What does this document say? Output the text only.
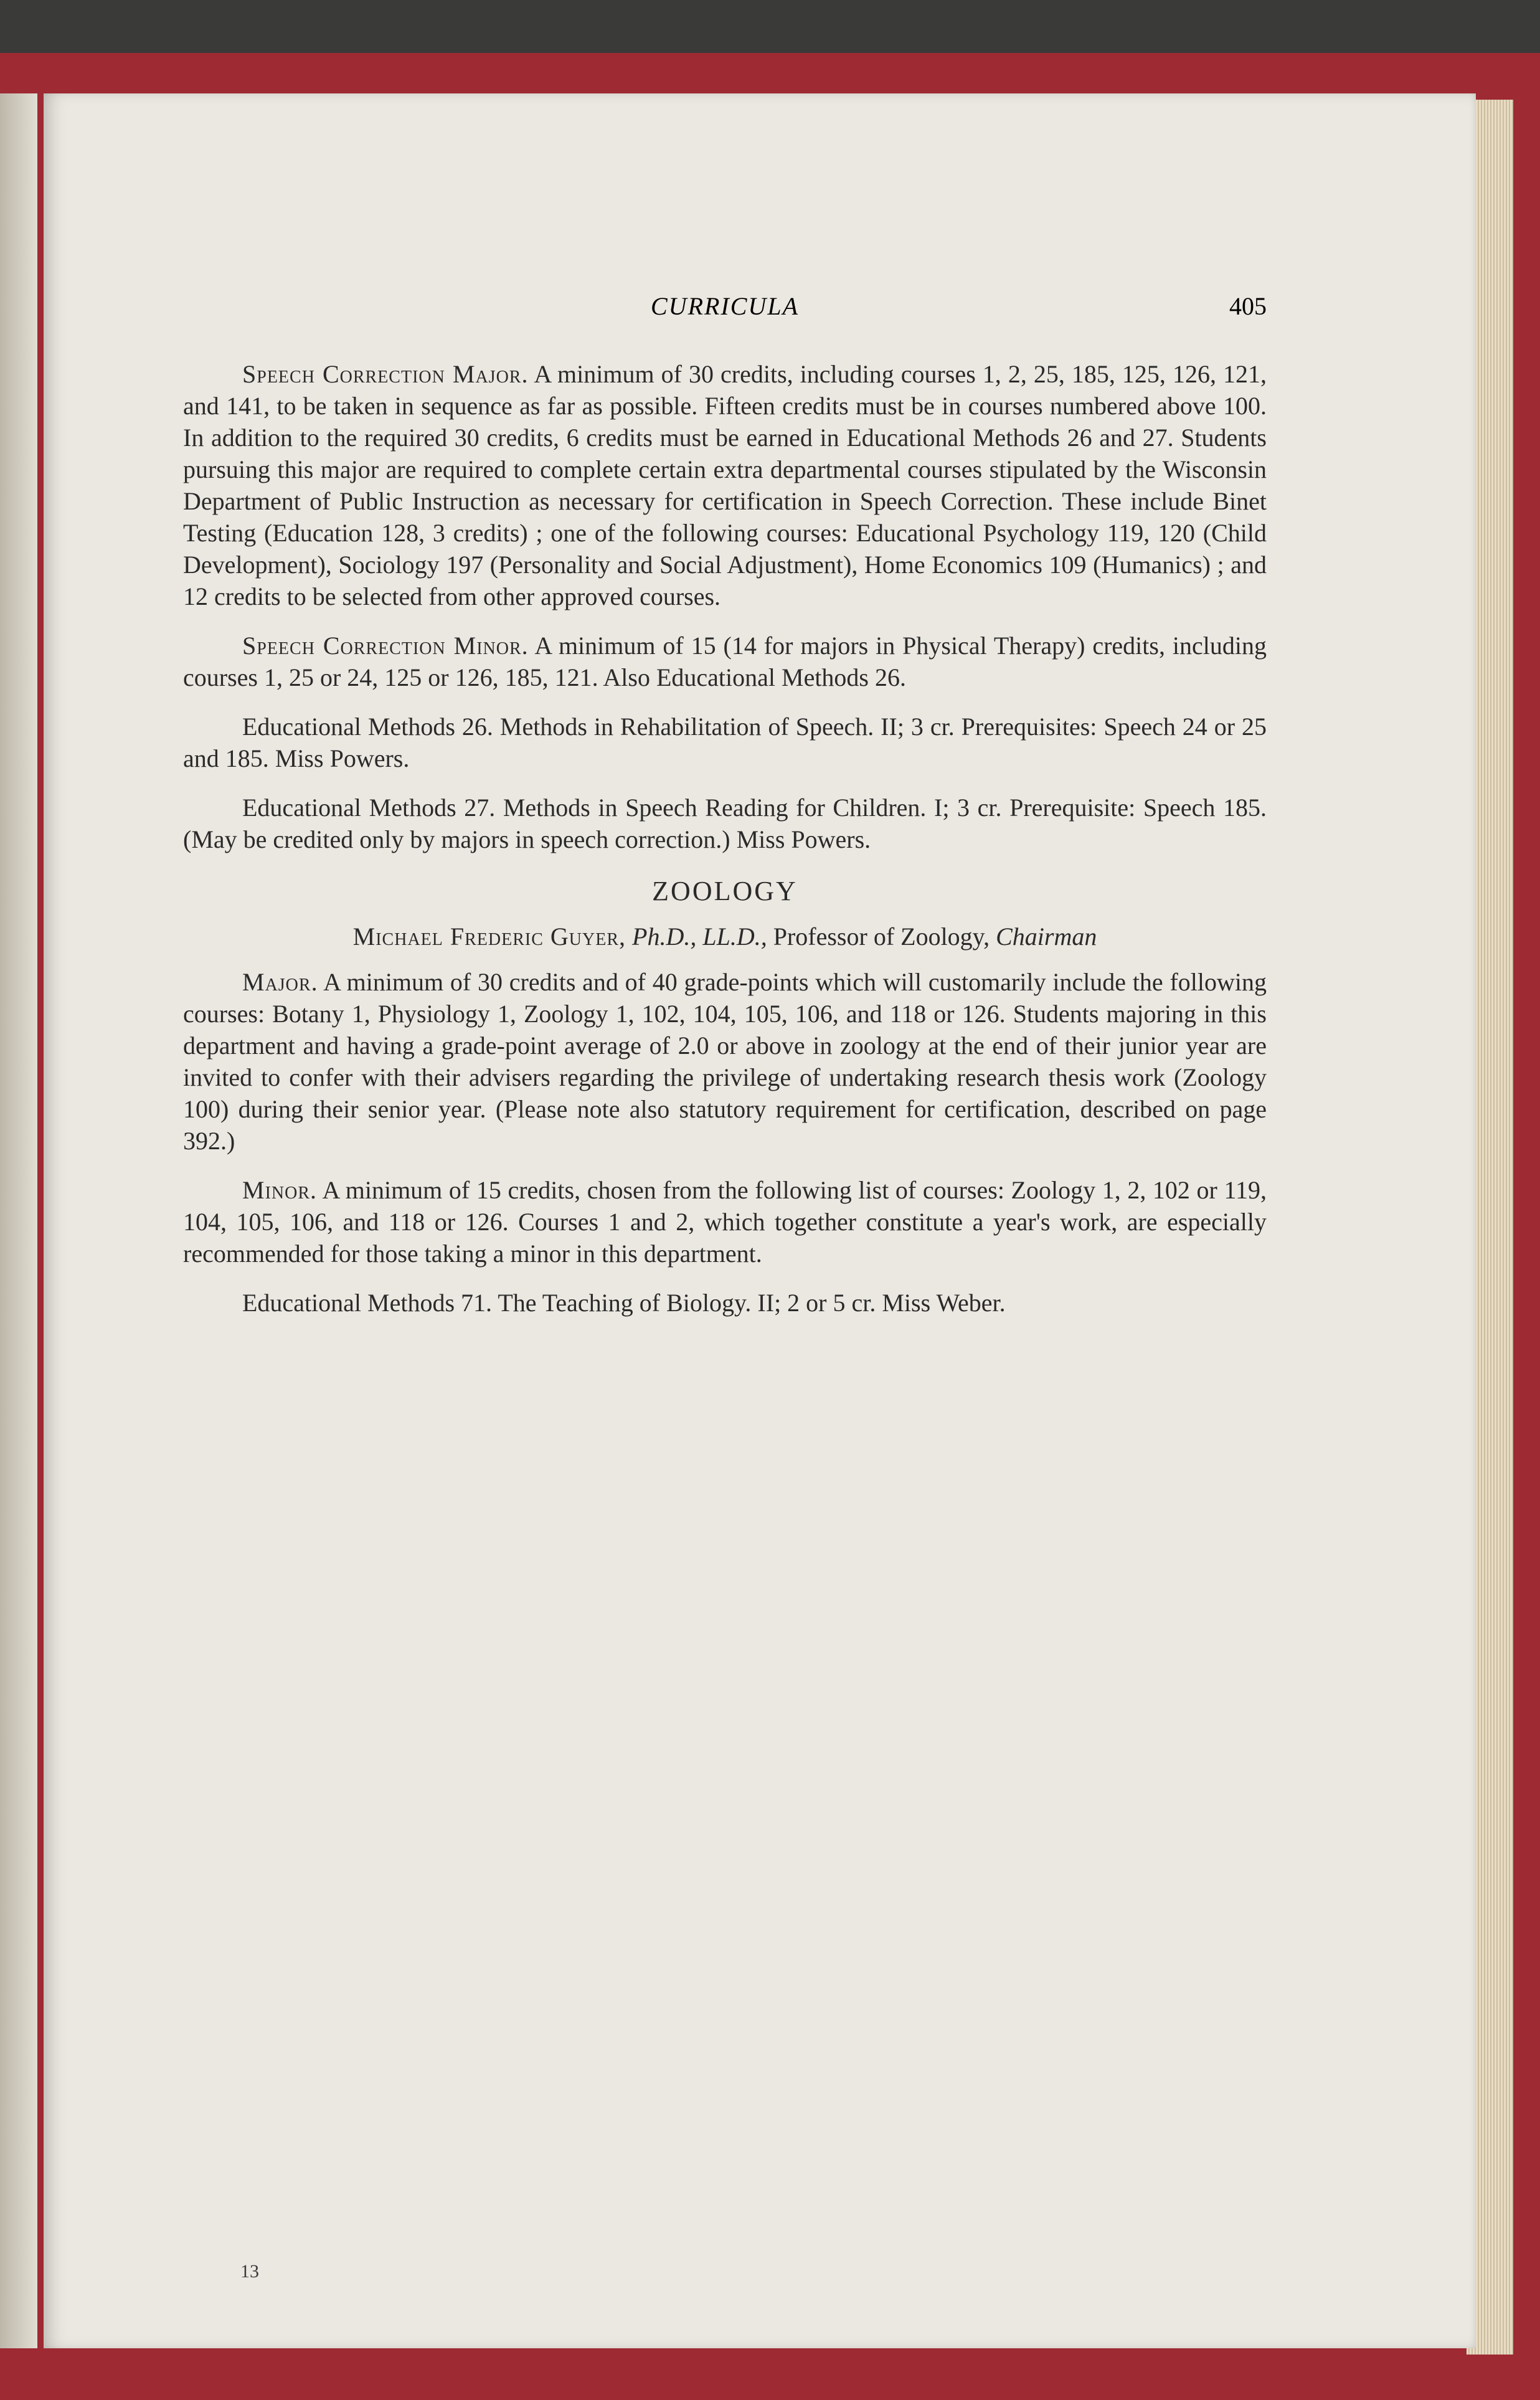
CURRICULA	405

Speech Correction Major. A minimum of 30 credits, including courses 1, 2, 25, 185, 125, 126, 121, and 141, to be taken in sequence as far as possible. Fifteen credits must be in courses numbered above 100. In addition to the required 30 credits, 6 credits must be earned in Educational Methods 26 and 27. Students pursuing this major are required to complete certain extra departmental courses stipulated by the Wisconsin Department of Public Instruction as necessary for certification in Speech Correction. These include Binet Testing (Education 128, 3 credits) ; one of the following courses: Educational Psychology 119, 120 (Child Development), Sociology 197 (Personality and Social Adjustment), Home Economics 109 (Humanics) ; and 12 credits to be selected from other approved courses.

Speech Correction Minor. A minimum of 15 (14 for majors in Physical Therapy) credits, including courses 1, 25 or 24, 125 or 126, 185, 121. Also Educational Methods 26.

Educational Methods 26. Methods in Rehabilitation of Speech. II; 3 cr. Prerequisites: Speech 24 or 25 and 185. Miss Powers.

Educational Methods 27. Methods in Speech Reading for Children. I; 3 cr. Prerequisite: Speech 185. (May be credited only by majors in speech correction.) Miss Powers.

ZOOLOGY

Michael Frederic Guyer, Ph.D., LL.D., Professor of Zoology, Chairman

Major. A minimum of 30 credits and of 40 grade-points which will customarily include the following courses: Botany 1, Physiology 1, Zoology 1, 102, 104, 105, 106, and 118 or 126. Students majoring in this department and having a grade-point average of 2.0 or above in zoology at the end of their junior year are invited to confer with their advisers regarding the privilege of undertaking research thesis work (Zoology 100) during their senior year. (Please note also statutory requirement for certification, described on page 392.)

Minor. A minimum of 15 credits, chosen from the following list of courses: Zoology 1, 2, 102 or 119, 104, 105, 106, and 118 or 126. Courses 1 and 2, which together constitute a year's work, are especially recommended for those taking a minor in this department.

Educational Methods 71. The Teaching of Biology. II; 2 or 5 cr. Miss Weber.

13
